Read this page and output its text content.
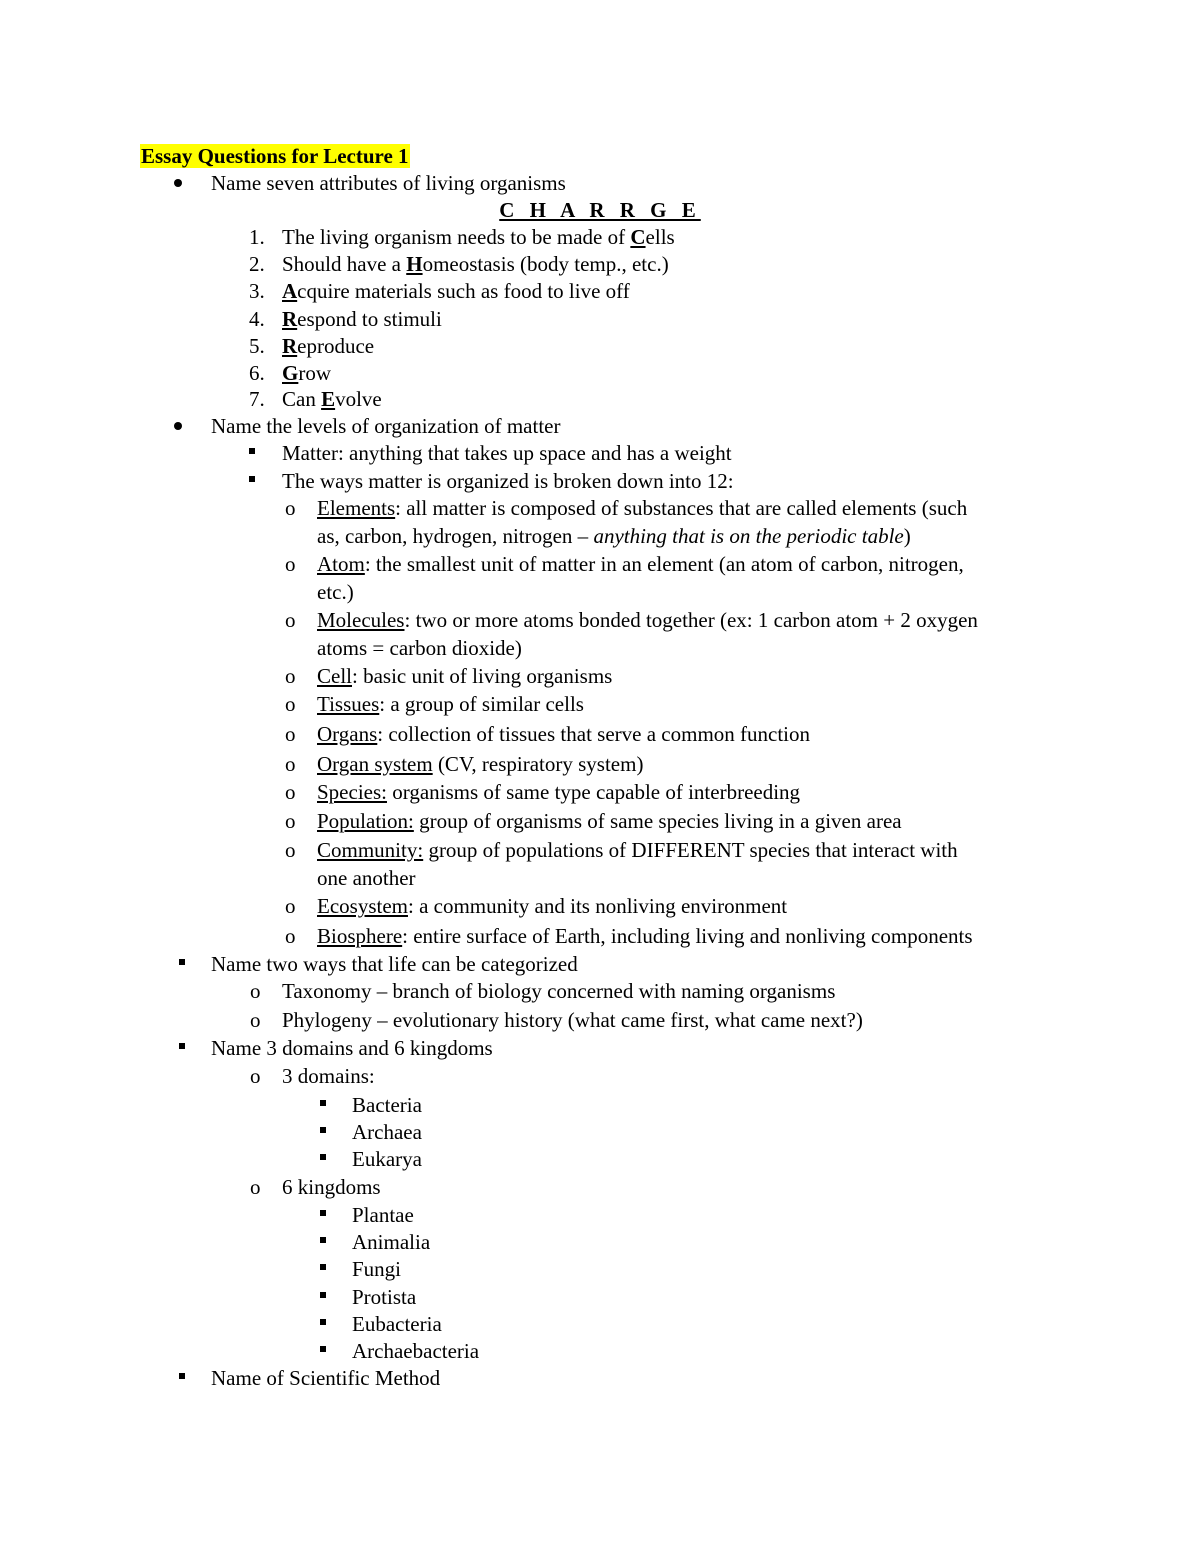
Essay Questions for Lecture 1
Name seven attributes of living organisms
C H A R R G E
1. The living organism needs to be made of Cells
2. Should have a Homeostasis (body temp., etc.)
3. Acquire materials such as food to live off
4. Respond to stimuli
5. Reproduce
6. Grow
7. Can Evolve
Name the levels of organization of matter
Matter: anything that takes up space and has a weight
The ways matter is organized is broken down into 12:
o Elements: all matter is composed of substances that are called elements (such
as, carbon, hydrogen, nitrogen – anything that is on the periodic table)
o Atom: the smallest unit of matter in an element (an atom of carbon, nitrogen,
etc.)
o Molecules: two or more atoms bonded together (ex: 1 carbon atom + 2 oxygen
atoms = carbon dioxide)
o Cell: basic unit of living organisms
o Tissues: a group of similar cells
o Organs: collection of tissues that serve a common function
o Organ system (CV, respiratory system)
o Species: organisms of same type capable of interbreeding
o Population: group of organisms of same species living in a given area
o Community: group of populations of DIFFERENT species that interact with
one another
o Ecosystem: a community and its nonliving environment
o Biosphere: entire surface of Earth, including living and nonliving components
Name two ways that life can be categorized
o Taxonomy – branch of biology concerned with naming organisms
o Phylogeny – evolutionary history (what came first, what came next?)
Name 3 domains and 6 kingdoms
o 3 domains:
Bacteria
Archaea
Eukarya
o 6 kingdoms
Plantae
Animalia
Fungi
Protista
Eubacteria
Archaebacteria
Name of Scientific Method
